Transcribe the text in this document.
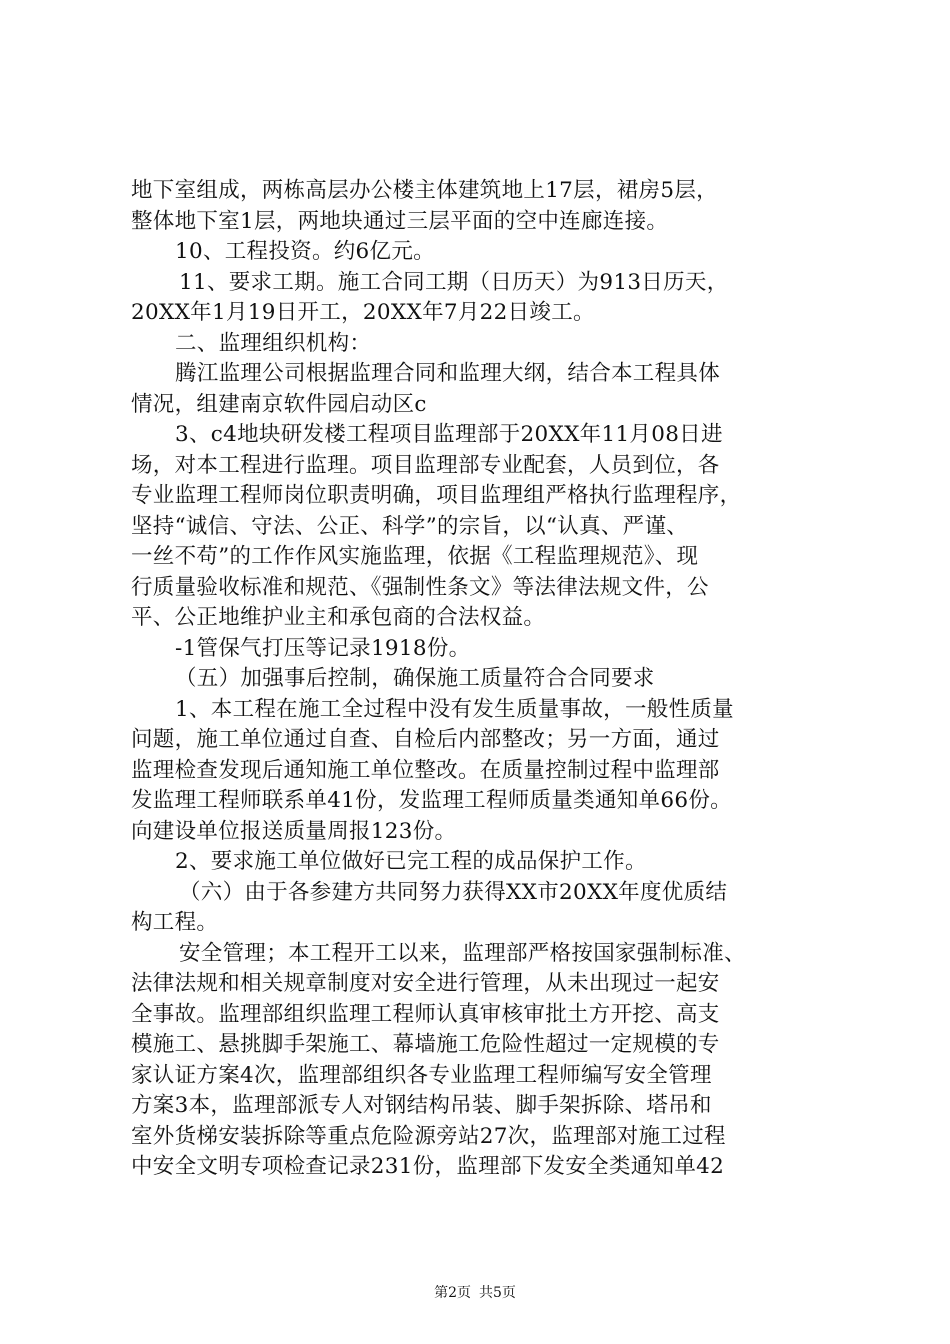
地下室组成，两栋高层办公楼主体建筑地上17层，裙房5层，
整体地下室1层，两地块通过三层平面的空中连廊连接。
10、工程投资。约6亿元。
11、要求工期。施工合同工期（日历天）为913日历天，
20XX年1月19日开工，20XX年7月22日竣工。
二、监理组织机构：
腾江监理公司根据监理合同和监理大纲，结合本工程具体
情况，组建南京软件园启动区c
3、c4地块研发楼工程项目监理部于20XX年11月08日进
场，对本工程进行监理。项目监理部专业配套，人员到位，各
专业监理工程师岗位职责明确，项目监理组严格执行监理程序，
坚持“诚信、守法、公正、科学”的宗旨，以“认真、严谨、
一丝不苟”的工作作风实施监理，依据《工程监理规范》、现
行质量验收标准和规范、《强制性条文》等法律法规文件，公
平、公正地维护业主和承包商的合法权益。
-1管保气打压等记录1918份。
（五）加强事后控制，确保施工质量符合合同要求
1、本工程在施工全过程中没有发生质量事故，一般性质量
问题，施工单位通过自查、自检后内部整改；另一方面，通过
监理检查发现后通知施工单位整改。在质量控制过程中监理部
发监理工程师联系单41份，发监理工程师质量类通知单66份。
向建设单位报送质量周报123份。
2、要求施工单位做好已完工程的成品保护工作。
（六）由于各参建方共同努力获得XX市20XX年度优质结
构工程。
安全管理；本工程开工以来，监理部严格按国家强制标准、
法律法规和相关规章制度对安全进行管理，从未出现过一起安
全事故。监理部组织监理工程师认真审核审批土方开挖、高支
模施工、悬挑脚手架施工、幕墙施工危险性超过一定规模的专
家认证方案4次，监理部组织各专业监理工程师编写安全管理
方案3本，监理部派专人对钢结构吊装、脚手架拆除、塔吊和
室外货梯安装拆除等重点危险源旁站27次，监理部对施工过程
中安全文明专项检查记录231份，监理部下发安全类通知单42
第2页 共5页
